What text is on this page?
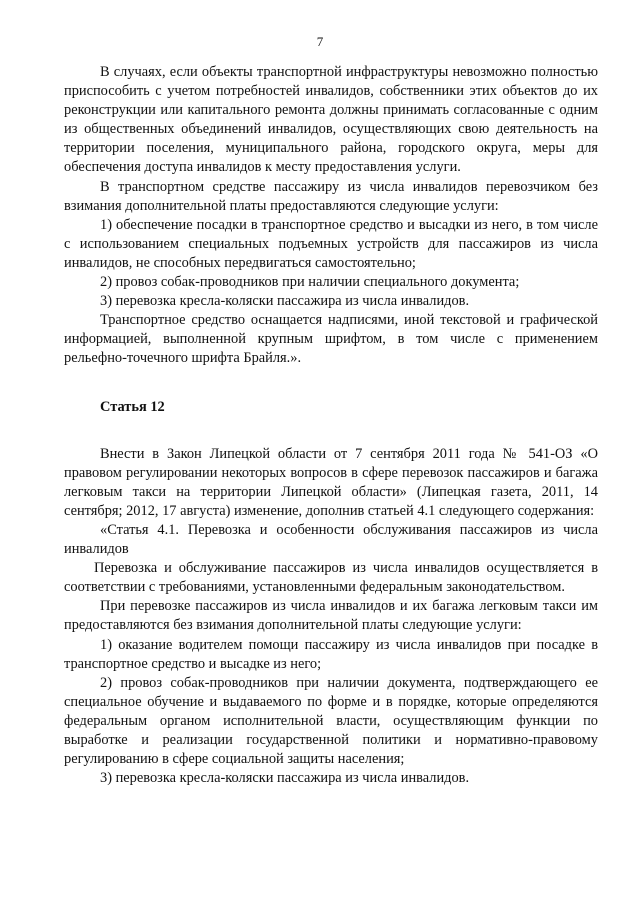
7

В случаях, если объекты транспортной инфраструктуры невозможно полностью приспособить с учетом потребностей инвалидов, собственники этих объектов до их реконструкции или капитального ремонта должны принимать согласованные с одним из общественных объединений инвалидов, осуществляющих свою деятельность на территории поселения, муниципального района, городского округа, меры для обеспечения доступа инвалидов к месту предоставления услуги.

В транспортном средстве пассажиру из числа инвалидов перевозчиком без взимания дополнительной платы предоставляются следующие услуги:

1) обеспечение посадки в транспортное средство и высадки из него, в том числе с использованием специальных подъемных устройств для пассажиров из числа инвалидов, не способных передвигаться самостоятельно;

2) провоз собак-проводников при наличии специального документа;

3) перевозка кресла-коляски пассажира из числа инвалидов.

Транспортное средство оснащается надписями, иной текстовой и графической информацией, выполненной крупным шрифтом, в том числе с применением рельефно-точечного шрифта Брайля.».

Статья 12

Внести в Закон Липецкой области от 7 сентября 2011 года № 541-ОЗ «О правовом регулировании некоторых вопросов в сфере перевозок пассажиров и багажа легковым такси на территории Липецкой области» (Липецкая газета, 2011, 14 сентября; 2012, 17 августа) изменение, дополнив статьей 4.1 следующего содержания:

«Статья 4.1. Перевозка и особенности обслуживания пассажиров из числа инвалидов

Перевозка и обслуживание пассажиров из числа инвалидов осуществляется в соответствии с требованиями, установленными федеральным законодательством.

При перевозке пассажиров из числа инвалидов и их багажа легковым такси им предоставляются без взимания дополнительной платы следующие услуги:

1) оказание водителем помощи пассажиру из числа инвалидов при посадке в транспортное средство и высадке из него;

2) провоз собак-проводников при наличии документа, подтверждающего ее специальное обучение и выдаваемого по форме и в порядке, которые определяются федеральным органом исполнительной власти, осуществляющим функции по выработке и реализации государственной политики и нормативно-правовому регулированию в сфере социальной защиты населения;

3) перевозка кресла-коляски пассажира из числа инвалидов.
